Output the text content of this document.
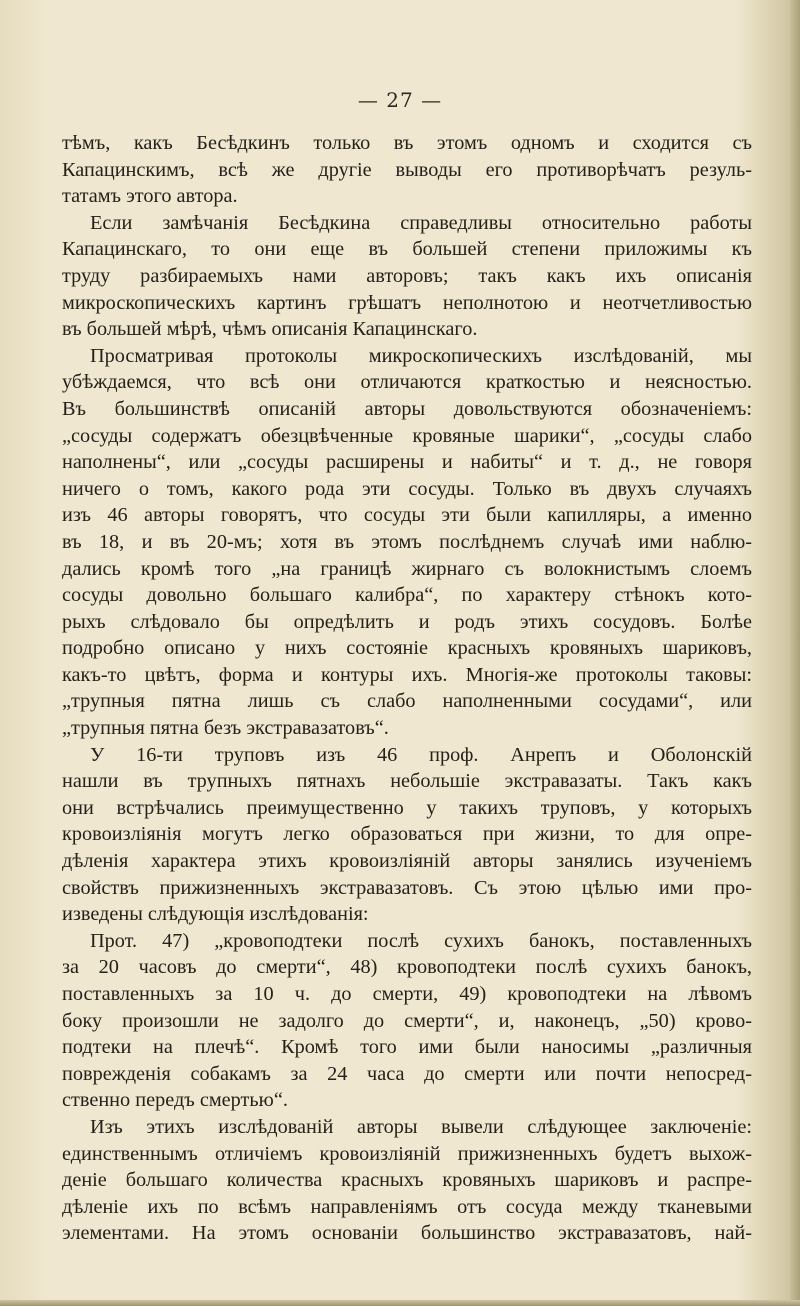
— 27 —
тѣмъ, какъ Бесѣдкинъ только въ этомъ одномъ и сходится съ
Капацинскимъ, всѣ же другіе выводы его противорѣчатъ резуль-
татамъ этого автора.
Если замѣчанія Бесѣдкина справедливы относительно работы
Капацинскаго, то они еще въ большей степени приложимы къ
труду разбираемыхъ нами авторовъ; такъ какъ ихъ описанія
микроскопическихъ картинъ грѣшатъ неполнотою и неотчетливостью
въ большей мѣрѣ, чѣмъ описанія Капацинскаго.
Просматривая протоколы микроскопическихъ изслѣдованій, мы
убѣждаемся, что всѣ они отличаются краткостью и неясностью.
Въ большинствѣ описаній авторы довольствуются обозначеніемъ:
„сосуды содержатъ обезцвѣченные кровяные шарики“, „сосуды слабо
наполнены“, или „сосуды расширены и набиты“ и т. д., не говоря
ничего о томъ, какого рода эти сосуды. Только въ двухъ случаяхъ
изъ 46 авторы говорятъ, что сосуды эти были капилляры, а именно
въ 18, и въ 20-мъ; хотя въ этомъ послѣднемъ случаѣ ими наблю-
дались кромѣ того „на границѣ жирнаго съ волокнистымъ слоемъ
сосуды довольно большаго калибра“, по характеру стѣнокъ кото-
рыхъ слѣдовало бы опредѣлить и родъ этихъ сосудовъ. Болѣе
подробно описано у нихъ состояніе красныхъ кровяныхъ шариковъ,
какъ-то цвѣтъ, форма и контуры ихъ. Многія-же протоколы таковы:
„трупныя пятна лишь съ слабо наполненными сосудами“, или
„трупныя пятна безъ экстравазатовъ“.
У 16-ти труповъ изъ 46 проф. Анрепъ и Оболонскій
нашли въ трупныхъ пятнахъ небольшіе экстравазаты. Такъ какъ
они встрѣчались преимущественно у такихъ труповъ, у которыхъ
кровоизліянія могутъ легко образоваться при жизни, то для опре-
дѣленія характера этихъ кровоизліяній авторы занялись изученіемъ
свойствъ прижизненныхъ экстравазатовъ. Съ этою цѣлью ими про-
изведены слѣдующія изслѣдованія:
Прот. 47) „кровоподтеки послѣ сухихъ банокъ, поставленныхъ
за 20 часовъ до смерти“, 48) кровоподтеки послѣ сухихъ банокъ,
поставленныхъ за 10 ч. до смерти, 49) кровоподтеки на лѣвомъ
боку произошли не задолго до смерти“, и, наконецъ, „50) крово-
подтеки на плечѣ“. Кромѣ того ими были наносимы „различныя
поврежденія собакамъ за 24 часа до смерти или почти непосред-
ственно передъ смертью“.
Изъ этихъ изслѣдованій авторы вывели слѣдующее заключеніе:
единственнымъ отличіемъ кровоизліяній прижизненныхъ будетъ выхож-
деніе большаго количества красныхъ кровяныхъ шариковъ и распре-
дѣленіе ихъ по всѣмъ направленіямъ отъ сосуда между тканевыми
элементами. На этомъ основаніи большинство экстравазатовъ, най-
